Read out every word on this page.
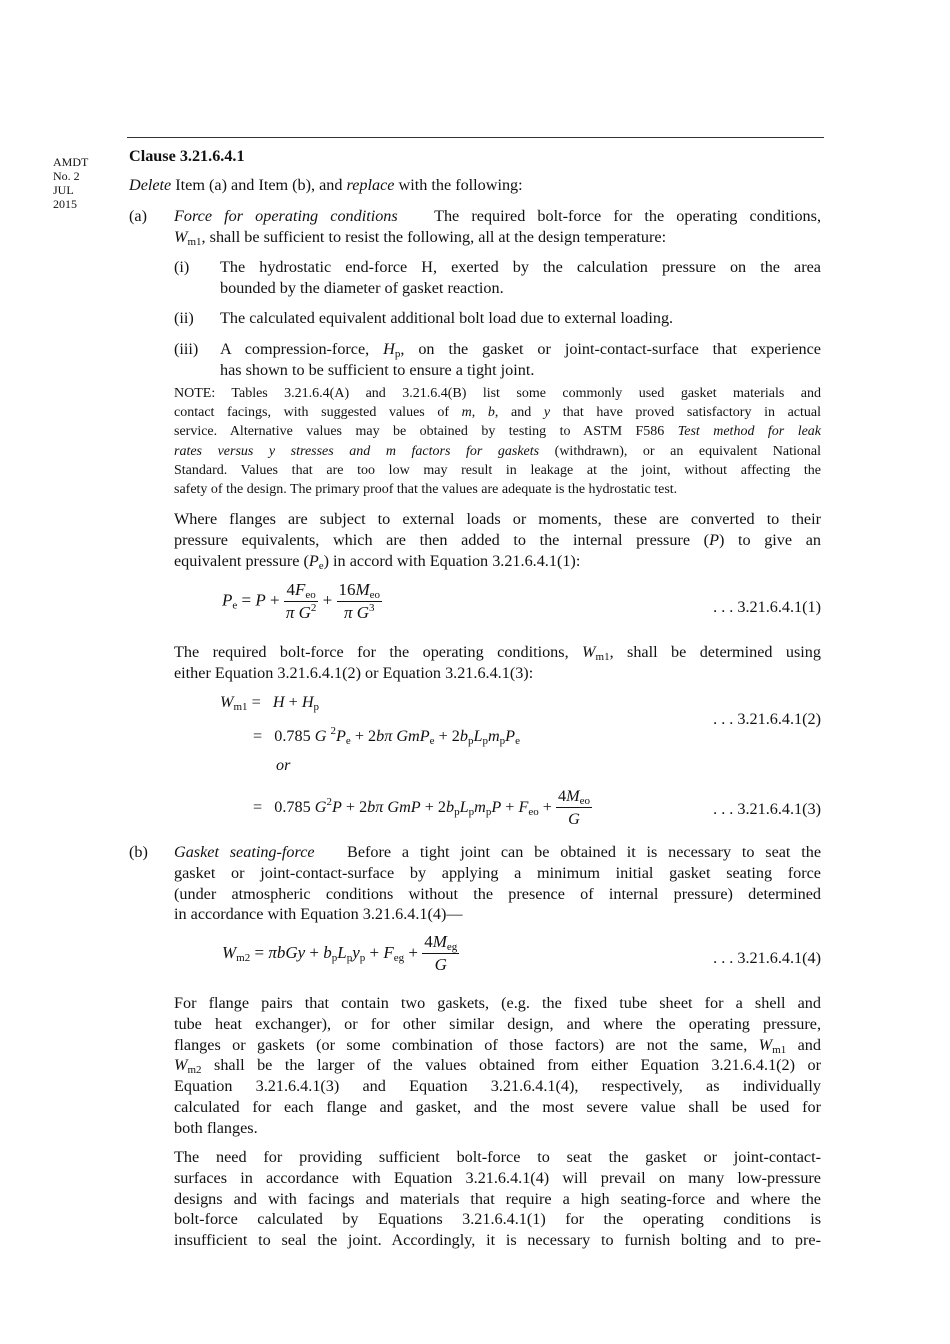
AMDT
No. 2
JUL
2015
Clause 3.21.6.4.1
Delete Item (a) and Item (b), and replace with the following:
(a) Force for operating conditions The required bolt-force for the operating conditions,
$W_{m1}$, shall be sufficient to resist the following, all at the design temperature:
(i) The hydrostatic end-force H, exerted by the calculation pressure on the area
bounded by the diameter of gasket reaction.
(ii) The calculated equivalent additional bolt load due to external loading.
(iii) A compression-force, $H_p$, on the gasket or joint-contact-surface that experience
has shown to be sufficient to ensure a tight joint.
NOTE: Tables 3.21.6.4(A) and 3.21.6.4(B) list some commonly used gasket materials and
contact facings, with suggested values of m, b, and y that have proved satisfactory in actual
service. Alternative values may be obtained by testing to ASTM F586 Test method for leak
rates versus y stresses and m factors for gaskets (withdrawn), or an equivalent National
Standard. Values that are too low may result in leakage at the joint, without affecting the
safety of the design. The primary proof that the values are adequate is the hydrostatic test.
Where flanges are subject to external loads or moments, these are converted to their
pressure equivalents, which are then added to the internal pressure (P) to give an
equivalent pressure $(P_e)$ in accord with Equation 3.21.6.4.1(1):
$P_e = P + \frac{4F_{eo}}{\pi G^2} + \frac{16M_{eo}}{\pi G^3}$	. . . 3.21.6.4.1(1)
The required bolt-force for the operating conditions, $W_{m1}$, shall be determined using
either Equation 3.21.6.4.1(2) or Equation 3.21.6.4.1(3):
$W_{m1} = H + H_p$
=   0.785 G $^2P_e + 2b\pi$ $GmP_e + 2b_pL_pm_pP_e$
. . . 3.21.6.4.1(2)
or
=   0.785 $G^2P + 2b\pi$ GmP + $2b_pL_pm_pP + F_{eo} + \frac{4M_{eo}}{G}$	. . . 3.21.6.4.1(3)
(b) Gasket seating-force Before a tight joint can be obtained it is necessary to seat the
gasket or joint-contact-surface by applying a minimum initial gasket seating force
(under atmospheric conditions without the presence of internal pressure) determined
in accordance with Equation 3.21.6.4.1(4)—
$W_{m2} = \pi bGy + b_pL_py_p + F_{eg} + \frac{4M_{eg}}{G}$	. . . 3.21.6.4.1(4)
For flange pairs that contain two gaskets, (e.g. the fixed tube sheet for a shell and
tube heat exchanger), or for other similar design, and where the operating pressure,
flanges or gaskets (or some combination of those factors) are not the same, $W_{m1}$ and
$W_{m2}$ shall be the larger of the values obtained from either Equation 3.21.6.4.1(2) or
Equation 3.21.6.4.1(3) and Equation 3.21.6.4.1(4), respectively, as individually
calculated for each flange and gasket, and the most severe value shall be used for
both flanges.
The need for providing sufficient bolt-force to seat the gasket or joint-contact-
surfaces in accordance with Equation 3.21.6.4.1(4) will prevail on many low-pressure
designs and with facings and materials that require a high seating-force and where the
bolt-force calculated by Equations 3.21.6.4.1(1) for the operating conditions is
insufficient to seal the joint. Accordingly, it is necessary to furnish bolting and to pre-
